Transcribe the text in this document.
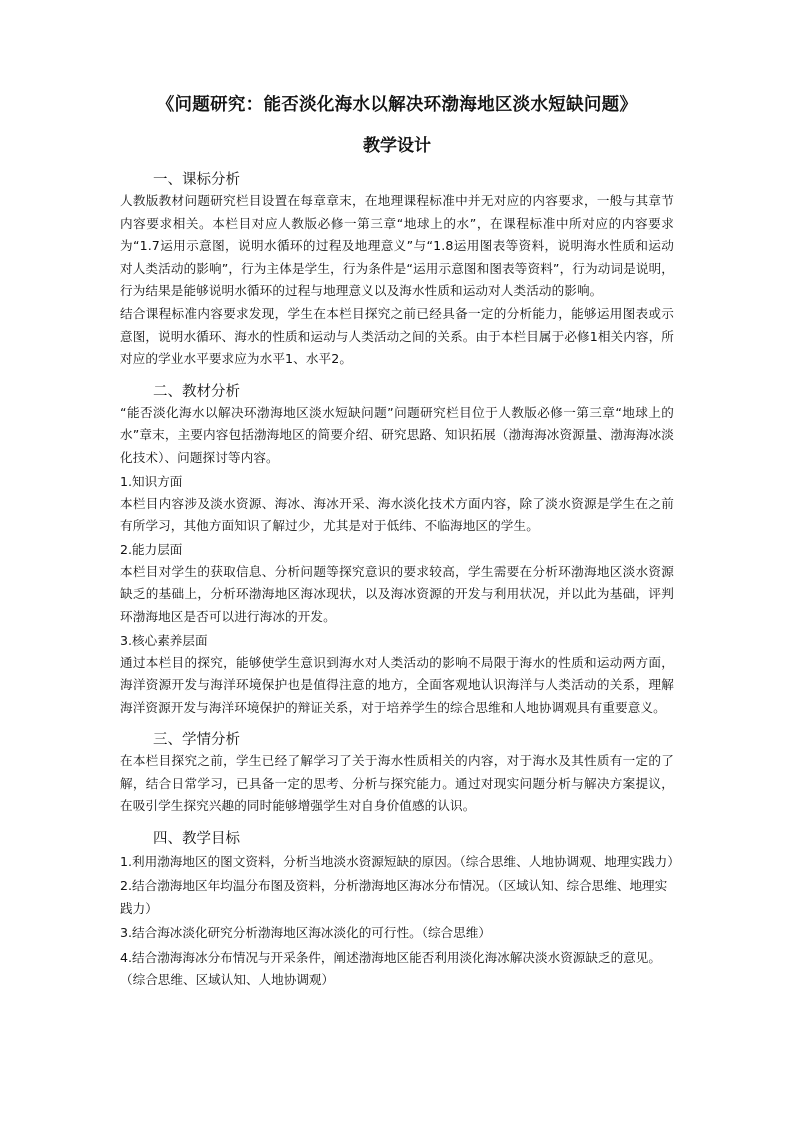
《问题研究：能否淡化海水以解决环渤海地区淡水短缺问题》
教学设计
一、课标分析

人教版教材问题研究栏目设置在每章章末，在地理课程标准中并无对应的内容要求，一般与其章节内容要求相关。本栏目对应人教版必修一第三章“地球上的水”，在课程标准中所对应的内容要求为“1.7运用示意图，说明水循环的过程及地理意义”与“1.8运用图表等资料，说明海水性质和运动对人类活动的影响”，行为主体是学生，行为条件是“运用示意图和图表等资料”，行为动词是说明，行为结果是能够说明水循环的过程与地理意义以及海水性质和运动对人类活动的影响。

结合课程标准内容要求发现，学生在本栏目探究之前已经具备一定的分析能力，能够运用图表或示意图，说明水循环、海水的性质和运动与人类活动之间的关系。由于本栏目属于必修1相关内容，所对应的学业水平要求应为水平1、水平2。

二、教材分析

“能否淡化海水以解决环渤海地区淡水短缺问题”问题研究栏目位于人教版必修一第三章“地球上的水”章末，主要内容包括渤海地区的简要介绍、研究思路、知识拓展（渤海海冰资源量、渤海海冰淡化技术）、问题探讨等内容。

1.知识方面

本栏目内容涉及淡水资源、海冰、海冰开采、海水淡化技术方面内容，除了淡水资源是学生在之前有所学习，其他方面知识了解过少，尤其是对于低纬、不临海地区的学生。

2.能力层面

本栏目对学生的获取信息、分析问题等探究意识的要求较高，学生需要在分析环渤海地区淡水资源缺乏的基础上，分析环渤海地区海冰现状，以及海冰资源的开发与利用状况，并以此为基础，评判环渤海地区是否可以进行海冰的开发。

3.核心素养层面

通过本栏目的探究，能够使学生意识到海水对人类活动的影响不局限于海水的性质和运动两方面，海洋资源开发与海洋环境保护也是值得注意的地方，全面客观地认识海洋与人类活动的关系，理解海洋资源开发与海洋环境保护的辩证关系，对于培养学生的综合思维和人地协调观具有重要意义。

三、学情分析

在本栏目探究之前，学生已经了解学习了关于海水性质相关的内容，对于海水及其性质有一定的了解，结合日常学习，已具备一定的思考、分析与探究能力。通过对现实问题分析与解决方案提议，在吸引学生探究兴趣的同时能够增强学生对自身价值感的认识。

四、教学目标

1.利用渤海地区的图文资料，分析当地淡水资源短缺的原因。（综合思维、人地协调观、地理实践力）

2.结合渤海地区年均温分布图及资料，分析渤海地区海冰分布情况。（区域认知、综合思维、地理实践力）

3.结合海冰淡化研究分析渤海地区海冰淡化的可行性。（综合思维）

4.结合渤海海冰分布情况与开采条件，阐述渤海地区能否利用淡化海冰解决淡水资源缺乏的意见。（综合思维、区域认知、人地协调观）
